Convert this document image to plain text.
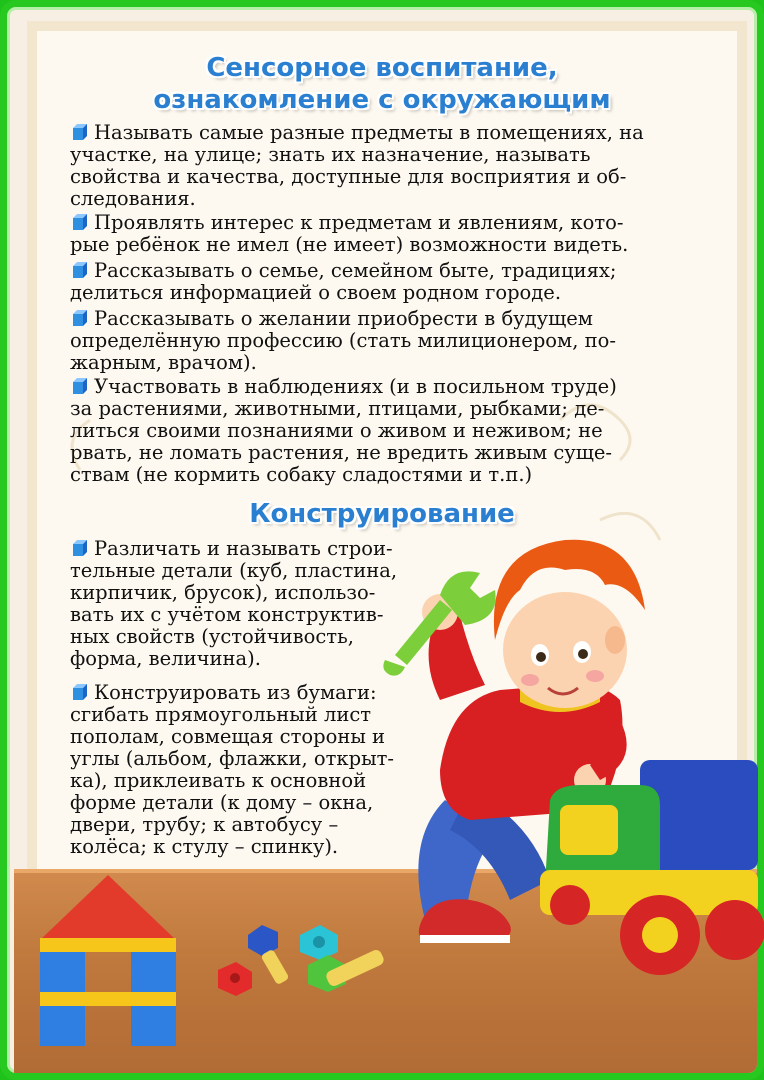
Сенсорное воспитание,
ознакомление с окружающим
Конструирование
Называть самые разные предметы в помещениях, на
участке, на улице; знать их назначение, называть
свойства и качества, доступные для восприятия и об-
следования.
Проявлять интерес к предметам и явлениям, кото-
рые ребёнок не имел (не имеет) возможности видеть.
Рассказывать о семье, семейном быте, традициях;
делиться информацией о своем родном городе.
Рассказывать о желании приобрести в будущем
определённую профессию (стать милиционером, по-
жарным, врачом).
Участвовать в наблюдениях (и в посильном труде)
за растениями, животными, птицами, рыбками; де-
литься своими познаниями о живом и неживом; не
рвать, не ломать растения, не вредить живым суще-
ствам (не кормить собаку сладостями и т.п.)
Различать и называть строи-
тельные детали (куб, пластина,
кирпичик, брусок), использо-
вать их с учётом конструктив-
ных свойств (устойчивость,
форма, величина).
Конструировать из бумаги:
сгибать прямоугольный лист
пополам, совмещая стороны и
углы (альбом, флажки, открыт-
ка), приклеивать к основной
форме детали (к дому – окна,
двери, трубу; к автобусу –
колёса; к стулу – спинку).
